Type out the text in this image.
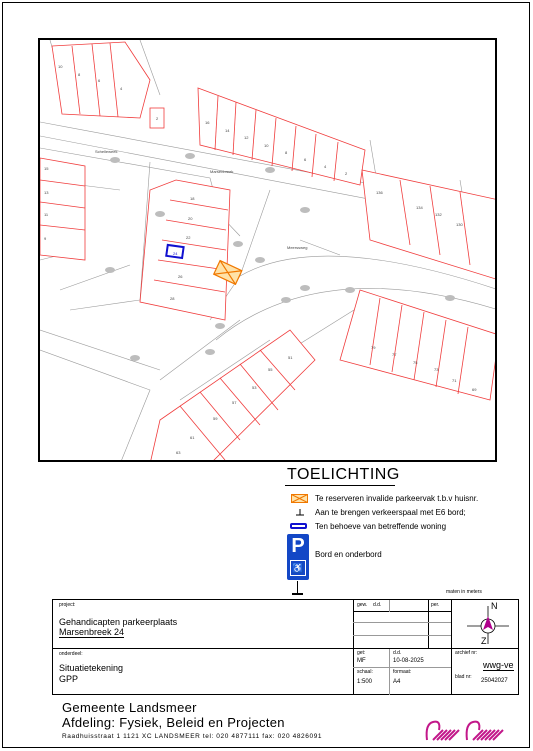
Schelleweek
Marsenbreek
Meerssweg
10
8
6
4
2
16
14
12
10
8
6
4
2
15
13
11
9
18
20
22
24
26
28
136
134
132
130
79
77
75
73
71
69
51
55
53
57
59
61
63
TOELICHTING
Te reserveren invalide parkeervak t.b.v huisnr.
Aan te brengen verkeerspaal met E6 bord;
Ten behoeve van betreffende woning
Bord en onderbord
P
♿
maten in meters
project:
Gehandicapten parkeerplaats
Marsenbreek 24
gew. d.d.	per.
onderdeel:
Situatietekening
GPP
get:
MF
d.d.
10-08-2025
schaal:
1:500
formaat:
A4
archief nr:
wwg-ve
blad nr:
25042027
N
Z
Gemeente Landsmeer
Afdeling: Fysiek, Beleid en Projecten
Raadhuisstraat 1 1121 XC LANDSMEER tel: 020 4877111 fax: 020 4826091
